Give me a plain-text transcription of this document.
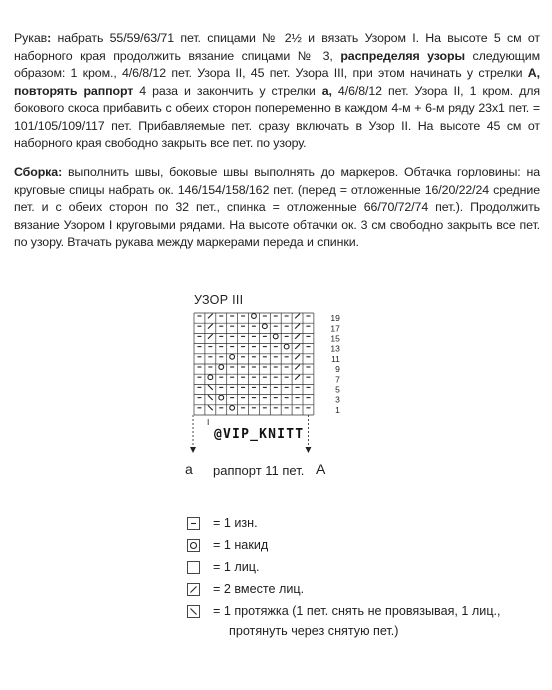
Рукав: набрать 55/59/63/71 пет. спицами № 2½ и вязать Узором I. На высоте 5 см от наборного края продолжить вязание спицами № 3, распределяя узоры следующим образом: 1 кром., 4/6/8/12 пет. Узора II, 45 пет. Узора III, при этом начинать у стрелки А, повторять раппорт 4 раза и закончить у стрелки а, 4/6/8/12 пет. Узора II, 1 кром. для бокового скоса прибавить с обеих сторон попеременно в каждом 4-м + 6-м ряду 23х1 пет. = 101/105/109/117 пет. Прибавляемые пет. сразу включать в Узор II. На высоте 45 см от наборного края свободно закрыть все пет. по узору.
Сборка: выполнить швы, боковые швы выполнять до маркеров. Обтачка горловины: на круговые спицы набрать ок. 146/154/158/162 пет. (перед = отложенные 16/20/22/24 средние пет. и с обеих сторон по 32 пет., спинка = отложенные 66/70/72/74 пет.). Продолжить вязание Узором I круговыми рядами. На высоте обтачки ок. 3 см свободно закрыть все пет. по узору. Втачать рукава между маркерами переда и спинки.
УЗОР III
19
17
15
13
11
9
7
5
3
1
@VIP_KNITT
a раппорт 11 пет. А
= 1 изн.
= 1 накид
= 1 лиц.
= 2 вместе лиц.
= 1 протяжка (1 пет. снять не провязывая, 1 лиц.,
протянуть через снятую пет.)
